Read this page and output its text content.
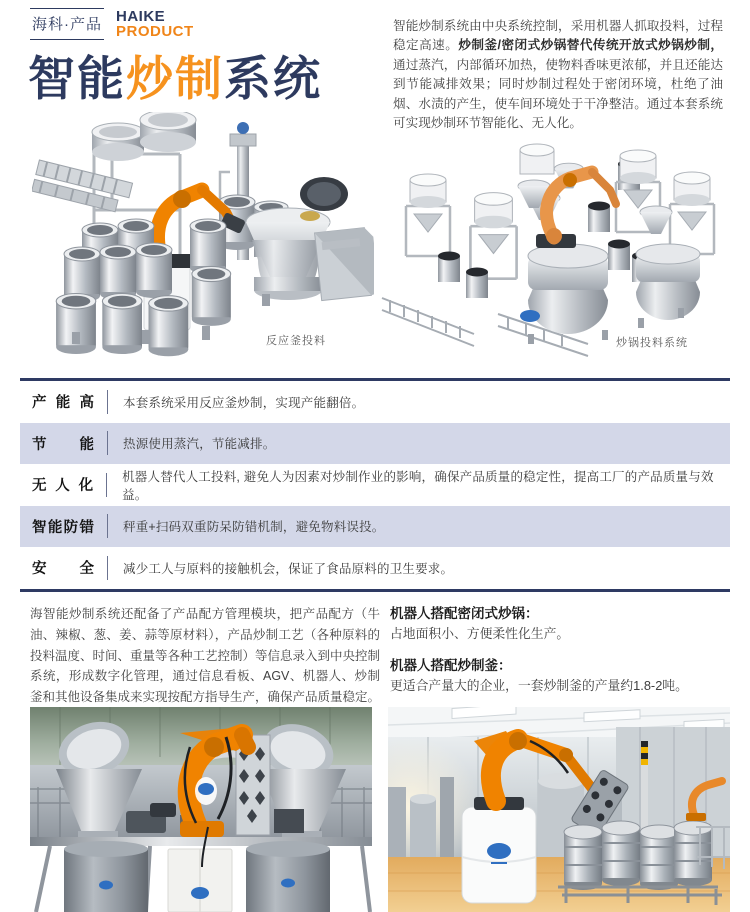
海科·产品 HAIKE
PRODUCT
智能炒制系统
智能炒制系统由中央系统控制，采用机器人抓取投料，过程稳定高速。炒制釜/密闭式炒锅替代传统开放式炒锅炒制，通过蒸汽，内部循环加热，使物料香味更浓郁，并且还能达到节能减排效果；同时炒制过程处于密闭环境，杜绝了油烟、水渍的产生，使车间环境处于干净整洁。通过本套系统可实现炒制环节智能化、无人化。
反应釜投料	炒锅投料系统
产能高 本套系统采用反应釜炒制，实现产能翻倍。
节能 热源使用蒸汽，节能减排。
无人化
机器人替代人工投料, 避免人为因素对炒制作业的影响，确保产品质量的稳定性，提高工厂的产品质量与效益。
智能防错 秤重+扫码双重防呆防错机制，避免物料误投。
安全 减少工人与原料的接触机会，保证了食品原料的卫生要求。
海智能炒制系统还配备了产品配方管理模块，把产品配方（牛油、辣椒、葱、姜、蒜等原材料），产品炒制工艺（各种原料的投料温度、时间、重量等各种工艺控制）等信息录入到中央控制系统，形成数字化管理，通过信息看板、AGV、机器人、炒制釜和其他设备集成来实现按配方指导生产，确保产品质量稳定。
机器人搭配密闭式炒锅：
占地面积小、方便柔性化生产。
机器人搭配炒制釜：
更适合产量大的企业，一套炒制釜的产量约1.8-2吨。
